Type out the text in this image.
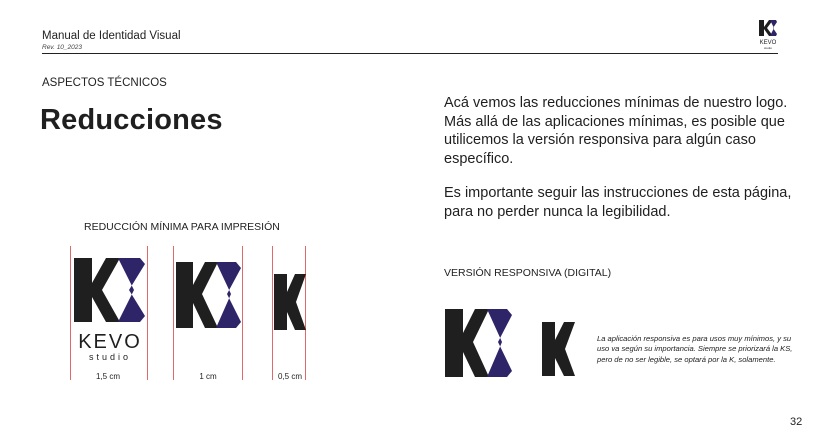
Manual de Identidad Visual
Rev. 10_2023
KEVO
studio
ASPECTOS TÉCNICOS
Reducciones
Acá vemos las reducciones mínimas de nuestro logo. Más allá de las aplicaciones mínimas, es posible que utilicemos la versión responsiva para algún caso específico.
Es importante seguir las instrucciones de esta página, para no perder nunca la legibilidad.
REDUCCIÓN MÍNIMA PARA IMPRESIÓN
KEVO
studio
1,5 cm	1 cm	0,5 cm
VERSIÓN RESPONSIVA (DIGITAL)
La aplicación responsiva es para usos muy mínimos, y su uso va según su importancia. Siempre se priorizará la KS, pero de no ser legible, se optará por la K, solamente.
32
